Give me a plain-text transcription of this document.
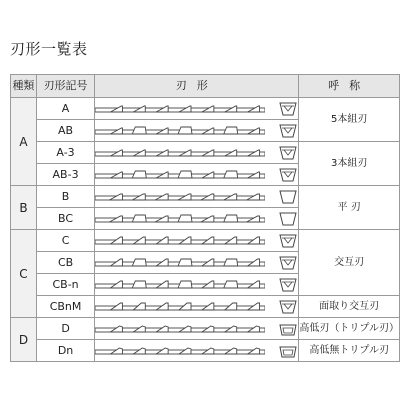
刃形一覧表
種類	刃形記号	刃形	呼称
A	A		5本組刃
	AB	

	A-3		3本組刃
	AB-3	

B	B		平 刃
	BC	

C	C		交互刃
	CB	

	CB-n	

	CBnM		面取り交互刃
D	D		高低刃（トリプル刃）
	Dn		高低無トリプル刃
